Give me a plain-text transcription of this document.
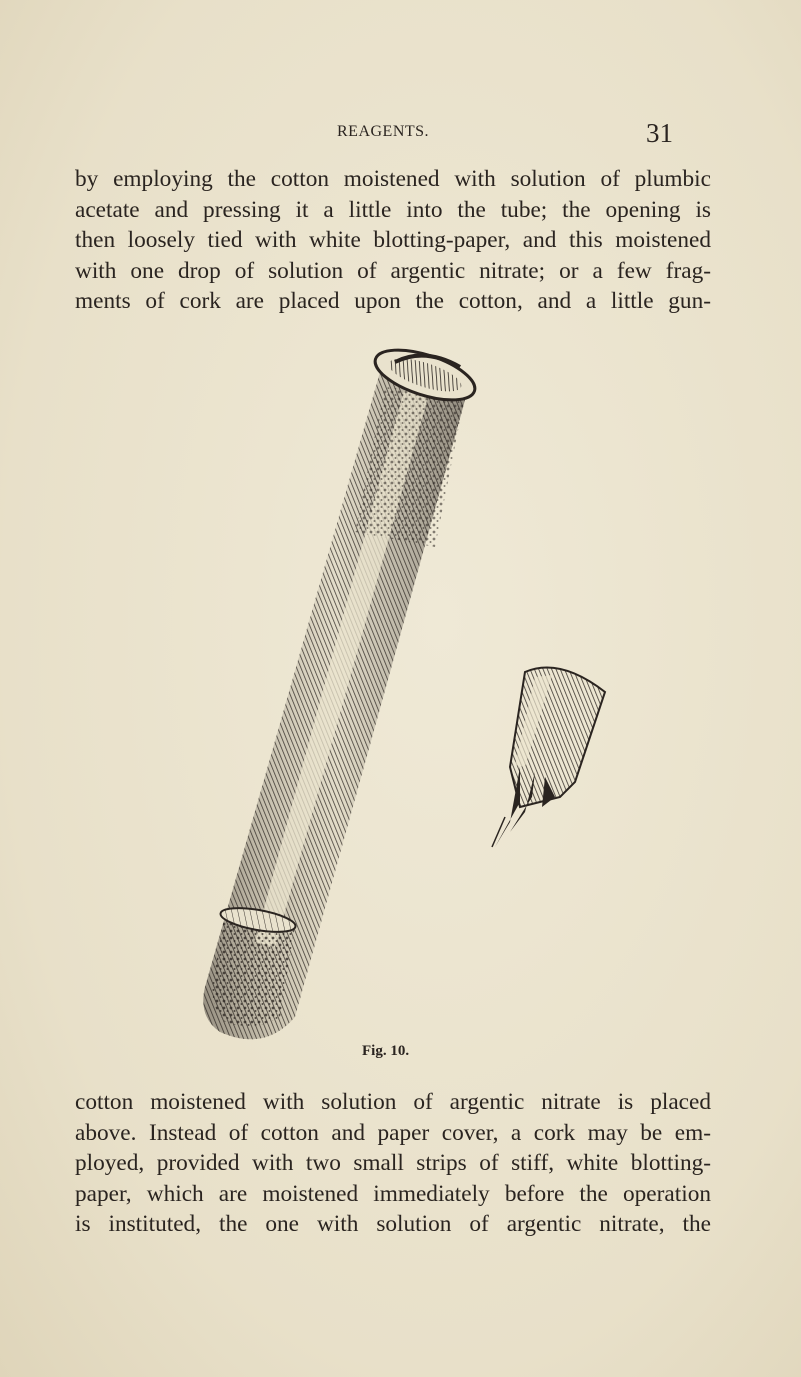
REAGENTS.	31
by employing the cotton moistened with solution of plumbic
acetate and pressing it a little into the tube; the opening is
then loosely tied with white blotting-paper, and this moistened
with one drop of solution of argentic nitrate; or a few frag-
ments of cork are placed upon the cotton, and a little gun-
Fig. 10.
cotton moistened with solution of argentic nitrate is placed
above. Instead of cotton and paper cover, a cork may be em-
ployed, provided with two small strips of stiff, white blotting-
paper, which are moistened immediately before the operation
is instituted, the one with solution of argentic nitrate, the
